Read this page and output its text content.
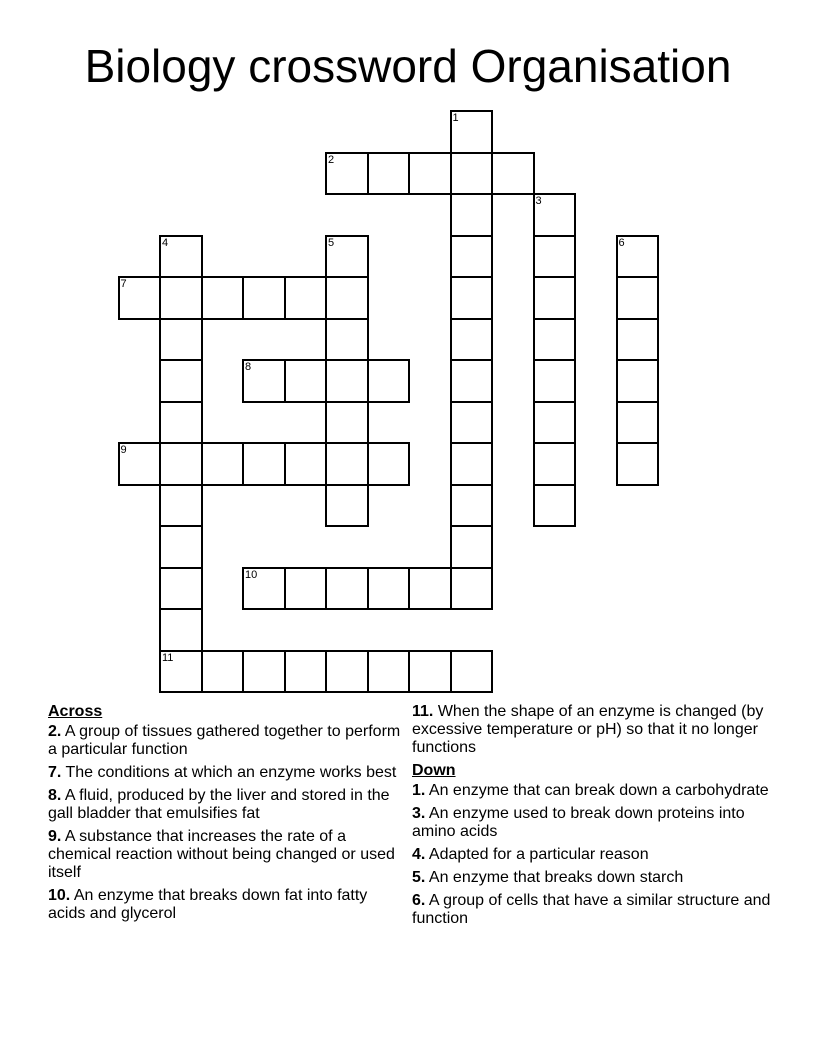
Biology crossword Organisation
1
2
3
4	5	6
7
8
9
10
11
Across
2. A group of tissues gathered together to perform a particular function
7. The conditions at which an enzyme works best
8. A fluid, produced by the liver and stored in the gall bladder that emulsifies fat
9. A substance that increases the rate of a chemical reaction without being changed or used itself
10. An enzyme that breaks down fat into fatty acids and glycerol
11. When the shape of an enzyme is changed (by excessive temperature or pH) so that it no longer functions
Down
1. An enzyme that can break down a carbohydrate
3. An enzyme used to break down proteins into amino acids
4. Adapted for a particular reason
5. An enzyme that breaks down starch
6. A group of cells that have a similar structure and function
